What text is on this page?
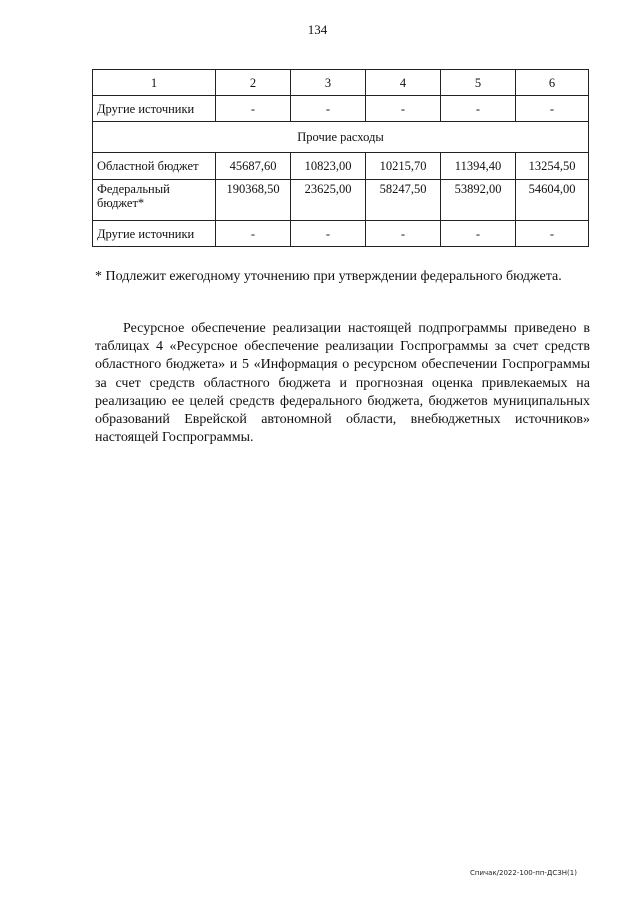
134
1	2	3	4	5	6
Другие источники	-	-	-	-	-
Прочие расходы					
Областной бюджет	45687,60	10823,00	10215,70	11394,40	13254,50
Федеральный бюджет*	190368,50	23625,00	58247,50	53892,00	54604,00
Другие источники	-	-	-	-	-

* Подлежит ежегодному уточнению при утверждении федерального бюджета.

Ресурсное обеспечение реализации настоящей подпрограммы приведено в таблицах 4 «Ресурсное обеспечение реализации Госпрограммы за счет средств областного бюджета» и 5 «Информация о ресурсном обеспечении Госпрограммы за счет средств областного бюджета и прогнозная оценка привлекаемых на реализацию ее целей средств федерального бюджета, бюджетов муниципальных образований Еврейской автономной области, внебюджетных источников» настоящей Госпрограммы.

Спичак/2022-100-пп-ДСЗН(1)
